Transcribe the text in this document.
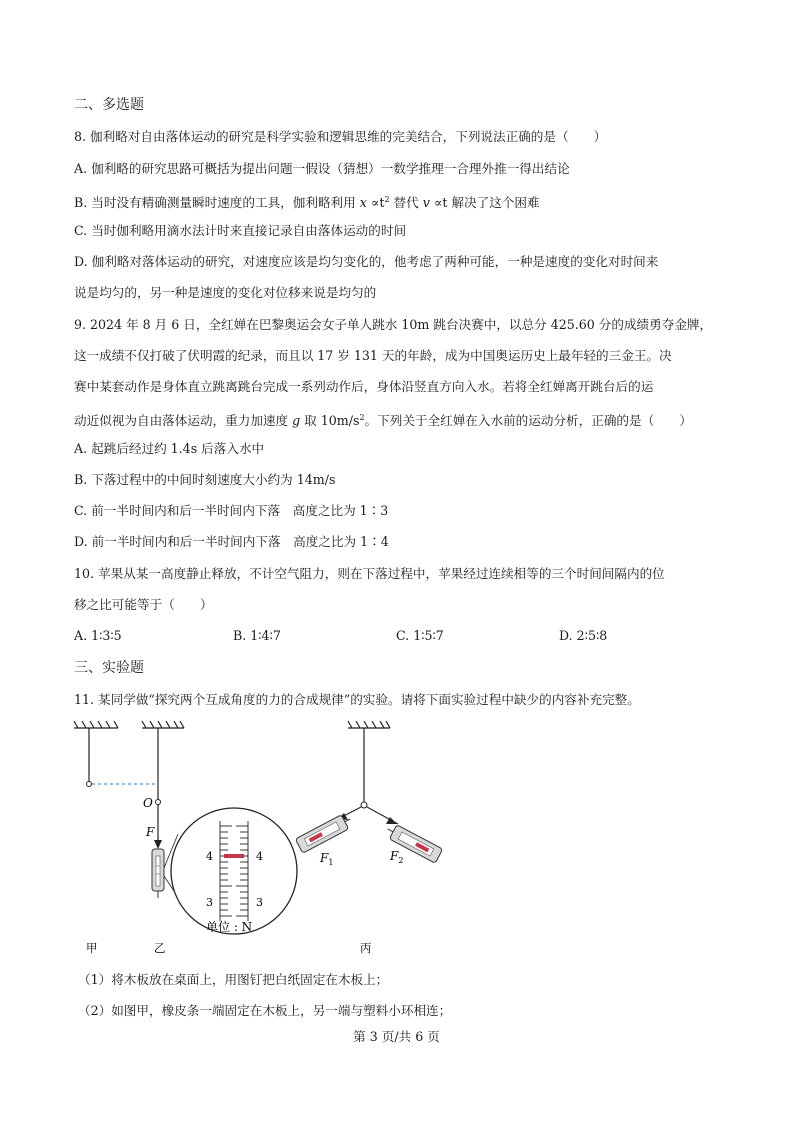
二、多选题
8. 伽利略对自由落体运动的研究是科学实验和逻辑思维的完美结合，下列说法正确的是（　　）
A. 伽利略的研究思路可概括为提出问题一假设（猜想）一数学推理一合理外推一得出结论
B. 当时没有精确测量瞬时速度的工具，伽利略利用 $x \propto t^2$ 替代 v ∝t 解决了这个困难
C. 当时伽利略用滴水法计时来直接记录自由落体运动的时间
D. 伽利略对落体运动的研究，对速度应该是均匀变化的，他考虑了两种可能，一种是速度的变化对时间来
说是均匀的，另一种是速度的变化对位移来说是均匀的
9. 2024 年 8 月 6 日，全红婵在巴黎奥运会女子单人跳水 10m 跳台决赛中，以总分 425.60 分的成绩勇夺金牌，
这一成绩不仅打破了伏明霞的纪录，而且以 17 岁 131 天的年龄，成为中国奥运历史上最年轻的三金王。决
赛中某套动作是身体直立跳离跳台完成一系列动作后，身体沿竖直方向入水。若将全红婵离开跳台后的运
动近似视为自由落体运动，重力加速度 g 取 $10m/s^2$。下列关于全红婵在入水前的运动分析，正确的是（　　）
A. 起跳后经过约 1.4s 后落入水中
B. 下落过程中的中间时刻速度大小约为 14m/s
C. 前一半时间内和后一半时间内下落　高度之比为 1∶3
D. 前一半时间内和后一半时间内下落　高度之比为 1∶4
10. 苹果从某一高度静止释放，不计空气阻力，则在下落过程中，苹果经过连续相等的三个时间间隔内的位
移之比可能等于（　　）
A. 1∶3∶5	B. 1∶4∶7	C. 1∶5∶7	D. 2∶5∶8
三、实验题
11. 某同学做“探究两个互成角度的力的合成规律”的实验。请将下面实验过程中缺少的内容补充完整。
O
F
4	4
3	3
单位 : N
$F_1$	$F_2$
甲	乙	丙
（1）将木板放在桌面上，用图钉把白纸固定在木板上；
（2）如图甲，橡皮条一端固定在木板上，另一端与塑料小环相连；
第 3 页/共 6 页
